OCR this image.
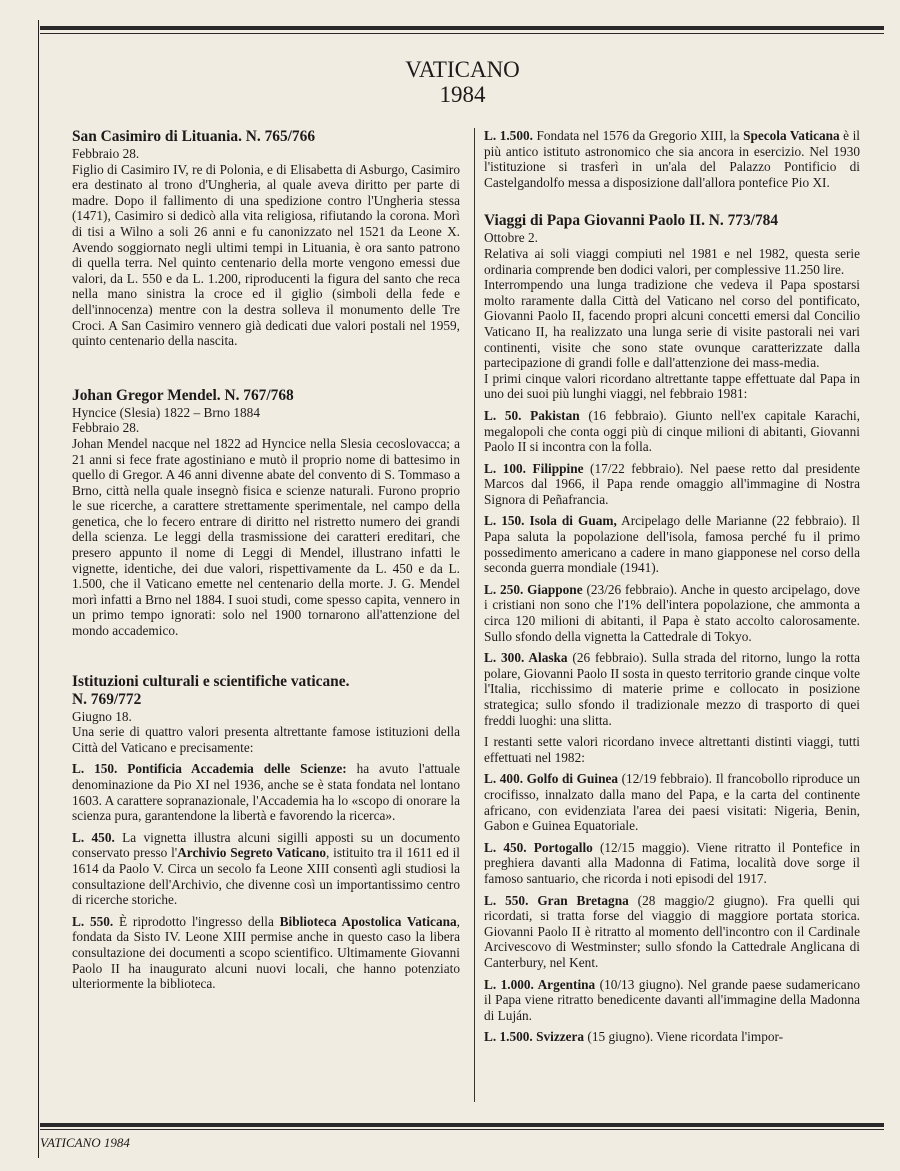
VATICANO
1984
San Casimiro di Lituania. N. 765/766

Febbraio 28.

Figlio di Casimiro IV, re di Polonia, e di Elisabetta di Asburgo, Casimiro era destinato al trono d'Ungheria, al quale aveva diritto per parte di madre. Dopo il fallimento di una spedizione contro l'Ungheria stessa (1471), Casimiro si dedicò alla vita religiosa, rifiutando la corona. Morì di tisi a Wilno a soli 26 anni e fu canonizzato nel 1521 da Leone X. Avendo soggiornato negli ultimi tempi in Lituania, è ora santo patrono di quella terra. Nel quinto centenario della morte vengono emessi due valori, da L. 550 e da L. 1.200, riproducenti la figura del santo che reca nella mano sinistra la croce ed il giglio (simboli della fede e dell'innocenza) mentre con la destra solleva il monumento delle Tre Croci. A San Casimiro vennero già dedicati due valori postali nel 1959, quinto centenario della nascita.

Johan Gregor Mendel. N. 767/768

Hyncice (Slesia) 1822 – Brno 1884

Febbraio 28.

Johan Mendel nacque nel 1822 ad Hyncice nella Slesia cecoslovacca; a 21 anni si fece frate agostiniano e mutò il proprio nome di battesimo in quello di Gregor. A 46 anni divenne abate del convento di S. Tommaso a Brno, città nella quale insegnò fisica e scienze naturali. Furono proprio le sue ricerche, a carattere strettamente sperimentale, nel campo della genetica, che lo fecero entrare di diritto nel ristretto numero dei grandi della scienza. Le leggi della trasmissione dei caratteri ereditari, che presero appunto il nome di Leggi di Mendel, illustrano infatti le vignette, identiche, dei due valori, rispettivamente da L. 450 e da L. 1.500, che il Vaticano emette nel centenario della morte. J. G. Mendel morì infatti a Brno nel 1884. I suoi studi, come spesso capita, vennero in un primo tempo ignorati: solo nel 1900 tornarono all'attenzione del mondo accademico.

Istituzioni culturali e scientifiche vaticane.
N. 769/772

Giugno 18.

Una serie di quattro valori presenta altrettante famose istituzioni della Città del Vaticano e precisamente:

L. 150. Pontificia Accademia delle Scienze: ha avuto l'attuale denominazione da Pio XI nel 1936, anche se è stata fondata nel lontano 1603. A carattere sopranazionale, l'Accademia ha lo «scopo di onorare la scienza pura, garantendone la libertà e favorendo la ricerca».

L. 450. La vignetta illustra alcuni sigilli apposti su un documento conservato presso l'Archivio Segreto Vaticano, istituito tra il 1611 ed il 1614 da Paolo V. Circa un secolo fa Leone XIII consentì agli studiosi la consultazione dell'Archivio, che divenne così un importantissimo centro di ricerche storiche.

L. 550. È riprodotto l'ingresso della Biblioteca Apostolica Vaticana, fondata da Sisto IV. Leone XIII permise anche in questo caso la libera consultazione dei documenti a scopo scientifico. Ultimamente Giovanni Paolo II ha inaugurato alcuni nuovi locali, che hanno potenziato ulteriormente la biblioteca.

L. 1.500. Fondata nel 1576 da Gregorio XIII, la Specola Vaticana è il più antico istituto astronomico che sia ancora in esercizio. Nel 1930 l'istituzione si trasferì in un'ala del Palazzo Pontificio di Castelgandolfo messa a disposizione dall'allora pontefice Pio XI.

Viaggi di Papa Giovanni Paolo II. N. 773/784

Ottobre 2.

Relativa ai soli viaggi compiuti nel 1981 e nel 1982, questa serie ordinaria comprende ben dodici valori, per complessive 11.250 lire.

Interrompendo una lunga tradizione che vedeva il Papa spostarsi molto raramente dalla Città del Vaticano nel corso del pontificato, Giovanni Paolo II, facendo propri alcuni concetti emersi dal Concilio Vaticano II, ha realizzato una lunga serie di visite pastorali nei vari continenti, visite che sono state ovunque caratterizzate dalla partecipazione di grandi folle e dall'attenzione dei mass-media.

I primi cinque valori ricordano altrettante tappe effettuate dal Papa in uno dei suoi più lunghi viaggi, nel febbraio 1981:

L. 50. Pakistan (16 febbraio). Giunto nell'ex capitale Karachi, megalopoli che conta oggi più di cinque milioni di abitanti, Giovanni Paolo II si incontra con la folla.

L. 100. Filippine (17/22 febbraio). Nel paese retto dal presidente Marcos dal 1966, il Papa rende omaggio all'immagine di Nostra Signora di Peñafrancia.

L. 150. Isola di Guam, Arcipelago delle Marianne (22 febbraio). Il Papa saluta la popolazione dell'isola, famosa perché fu il primo possedimento americano a cadere in mano giapponese nel corso della seconda guerra mondiale (1941).

L. 250. Giappone (23/26 febbraio). Anche in questo arcipelago, dove i cristiani non sono che l'1% dell'intera popolazione, che ammonta a circa 120 milioni di abitanti, il Papa è stato accolto calorosamente. Sullo sfondo della vignetta la Cattedrale di Tokyo.

L. 300. Alaska (26 febbraio). Sulla strada del ritorno, lungo la rotta polare, Giovanni Paolo II sosta in questo territorio grande cinque volte l'Italia, ricchissimo di materie prime e collocato in posizione strategica; sullo sfondo il tradizionale mezzo di trasporto di quei freddi luoghi: una slitta.

I restanti sette valori ricordano invece altrettanti distinti viaggi, tutti effettuati nel 1982:

L. 400. Golfo di Guinea (12/19 febbraio). Il francobollo riproduce un crocifisso, innalzato dalla mano del Papa, e la carta del continente africano, con evidenziata l'area dei paesi visitati: Nigeria, Benin, Gabon e Guinea Equatoriale.

L. 450. Portogallo (12/15 maggio). Viene ritratto il Pontefice in preghiera davanti alla Madonna di Fatima, località dove sorge il famoso santuario, che ricorda i noti episodi del 1917.

L. 550. Gran Bretagna (28 maggio/2 giugno). Fra quelli qui ricordati, si tratta forse del viaggio di maggiore portata storica. Giovanni Paolo II è ritratto al momento dell'incontro con il Cardinale Arcivescovo di Westminster; sullo sfondo la Cattedrale Anglicana di Canterbury, nel Kent.

L. 1.000. Argentina (10/13 giugno). Nel grande paese sudamericano il Papa viene ritratto benedicente davanti all'immagine della Madonna di Luján.

L. 1.500. Svizzera (15 giugno). Viene ricordata l'impor-

VATICANO 1984
